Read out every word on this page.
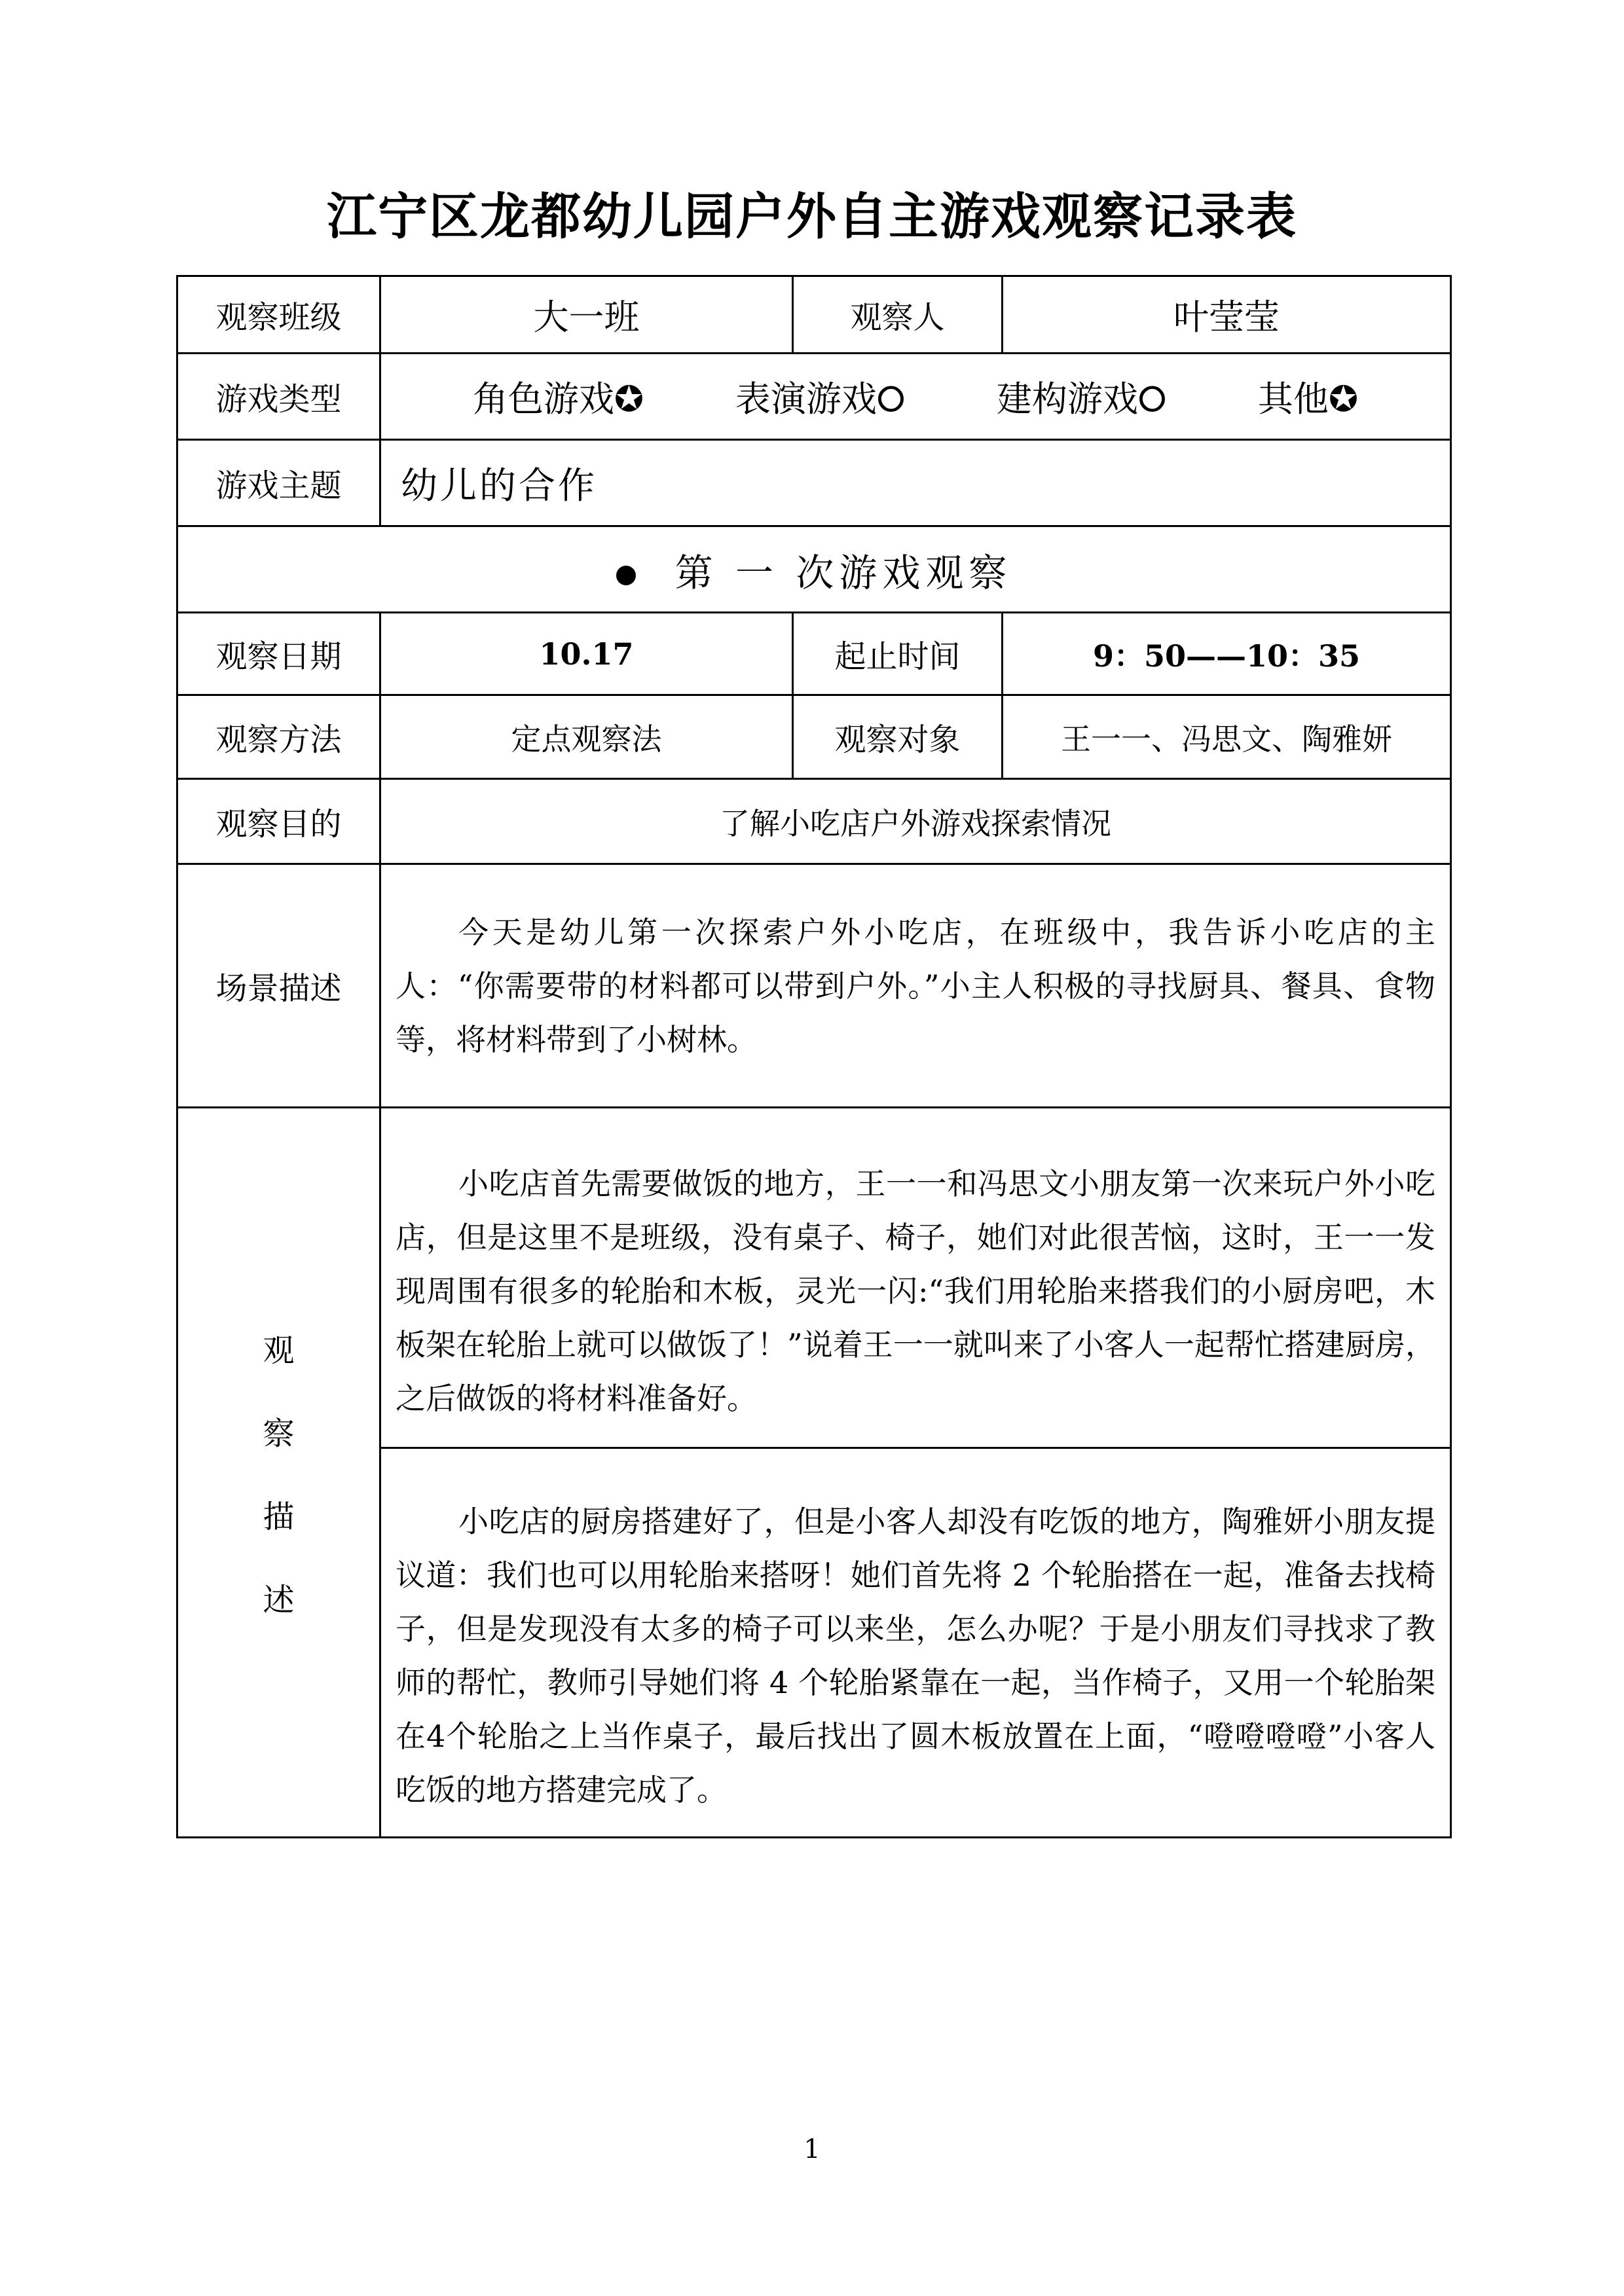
江宁区龙都幼儿园户外自主游戏观察记录表
观察班级	大一班	观察人	叶莹莹
游戏类型	角色游戏✪ 表演游戏⭘ 建构游戏⭘ 其他✪		

游戏主题	幼儿的合作		
第 一 次游戏观察			
观察日期	10.17	起止时间	9：50——10：35
观察方法	定点观察法	观察对象	王一一、冯思文、陶雅妍
观察目的	了解小吃店户外游戏探索情况		
场景描述	今天是幼儿第一次探索户外小吃店，在班级中，我告诉小吃店的主人：“你需要带的材料都可以带到户外。”小主人积极的寻找厨具、餐具、食物等，将材料带到了小树林。		

观
察
描
述	小吃店首先需要做饭的地方，王一一和冯思文小朋友第一次来玩户外小吃店，但是这里不是班级，没有桌子、椅子，她们对此很苦恼，这时，王一一发现周围有很多的轮胎和木板，灵光一闪:“我们用轮胎来搭我们的小厨房吧，木板架在轮胎上就可以做饭了！”说着王一一就叫来了小客人一起帮忙搭建厨房，之后做饭的将材料准备好。		

	小吃店的厨房搭建好了，但是小客人却没有吃饭的地方，陶雅妍小朋友提议道：我们也可以用轮胎来搭呀！她们首先将 2 个轮胎搭在一起，准备去找椅子，但是发现没有太多的椅子可以来坐，怎么办呢？于是小朋友们寻找求了教师的帮忙，教师引导她们将 4 个轮胎紧靠在一起，当作椅子，又用一个轮胎架在4个轮胎之上当作桌子，最后找出了圆木板放置在上面，“噔噔噔噔”小客人吃饭的地方搭建完成了。		

1
